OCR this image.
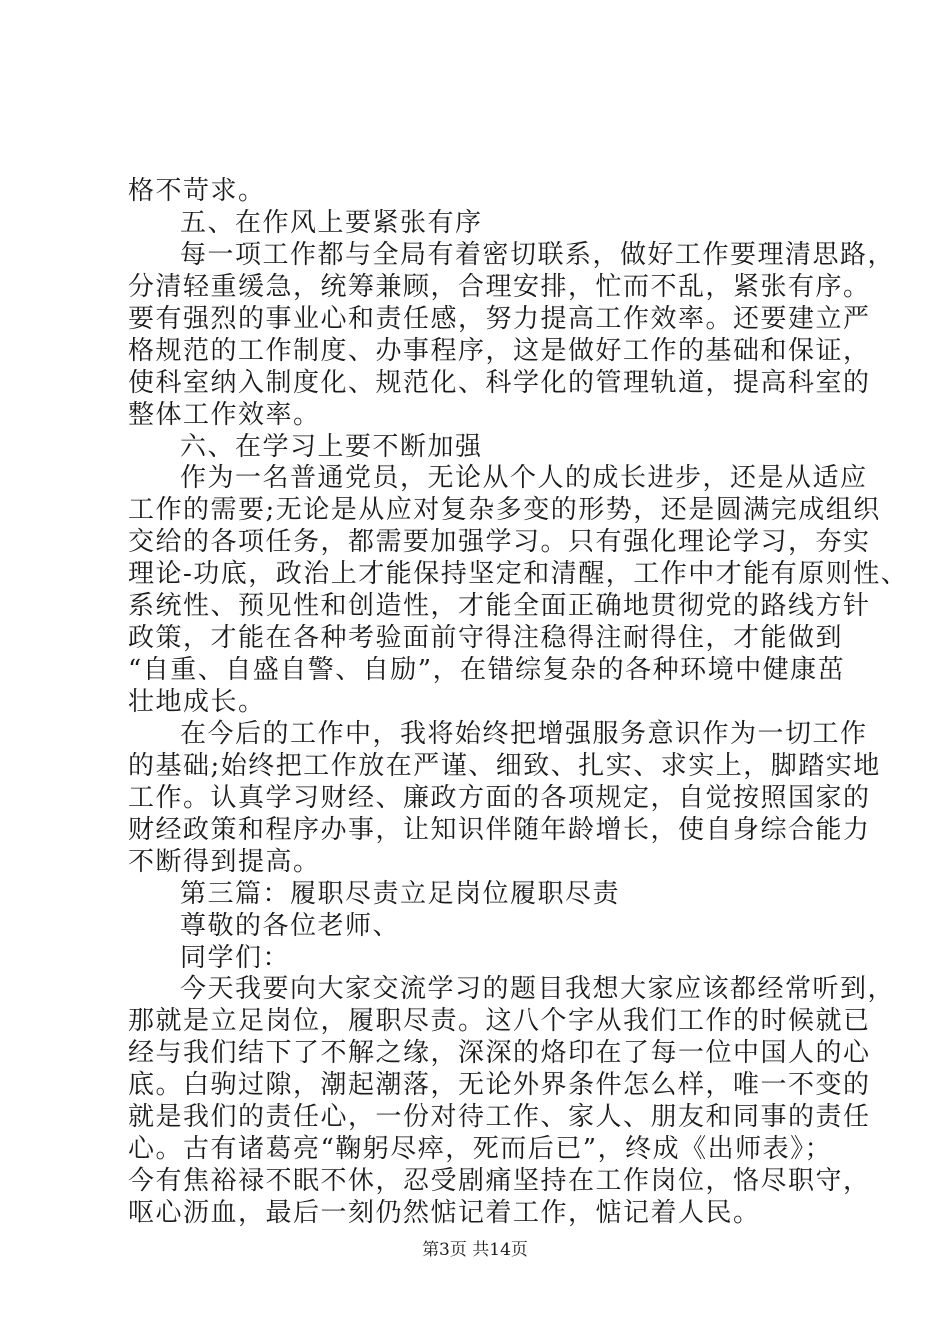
格不苛求。
五、在作风上要紧张有序
每一项工作都与全局有着密切联系，做好工作要理清思路，
分清轻重缓急，统筹兼顾，合理安排，忙而不乱，紧张有序。
要有强烈的事业心和责任感，努力提高工作效率。还要建立严
格规范的工作制度、办事程序，这是做好工作的基础和保证，
使科室纳入制度化、规范化、科学化的管理轨道，提高科室的
整体工作效率。
六、在学习上要不断加强
作为一名普通党员，无论从个人的成长进步，还是从适应
工作的需要;无论是从应对复杂多变的形势，还是圆满完成组织
交给的各项任务，都需要加强学习。只有强化理论学习，夯实
理论-功底，政治上才能保持坚定和清醒，工作中才能有原则性、
系统性、预见性和创造性，才能全面正确地贯彻党的路线方针
政策，才能在各种考验面前守得注稳得注耐得住，才能做到
“自重、自盛自警、自励”，在错综复杂的各种环境中健康茁
壮地成长。
在今后的工作中，我将始终把增强服务意识作为一切工作
的基础;始终把工作放在严谨、细致、扎实、求实上，脚踏实地
工作。认真学习财经、廉政方面的各项规定，自觉按照国家的
财经政策和程序办事，让知识伴随年龄增长，使自身综合能力
不断得到提高。
第三篇：履职尽责立足岗位履职尽责
尊敬的各位老师、
同学们：
今天我要向大家交流学习的题目我想大家应该都经常听到，
那就是立足岗位，履职尽责。这八个字从我们工作的时候就已
经与我们结下了不解之缘，深深的烙印在了每一位中国人的心
底。白驹过隙，潮起潮落，无论外界条件怎么样，唯一不变的
就是我们的责任心，一份对待工作、家人、朋友和同事的责任
心。古有诸葛亮“鞠躬尽瘁，死而后已”，终成《出师表》；
今有焦裕禄不眠不休，忍受剧痛坚持在工作岗位，恪尽职守，
呕心沥血，最后一刻仍然惦记着工作，惦记着人民。
第3页 共14页
